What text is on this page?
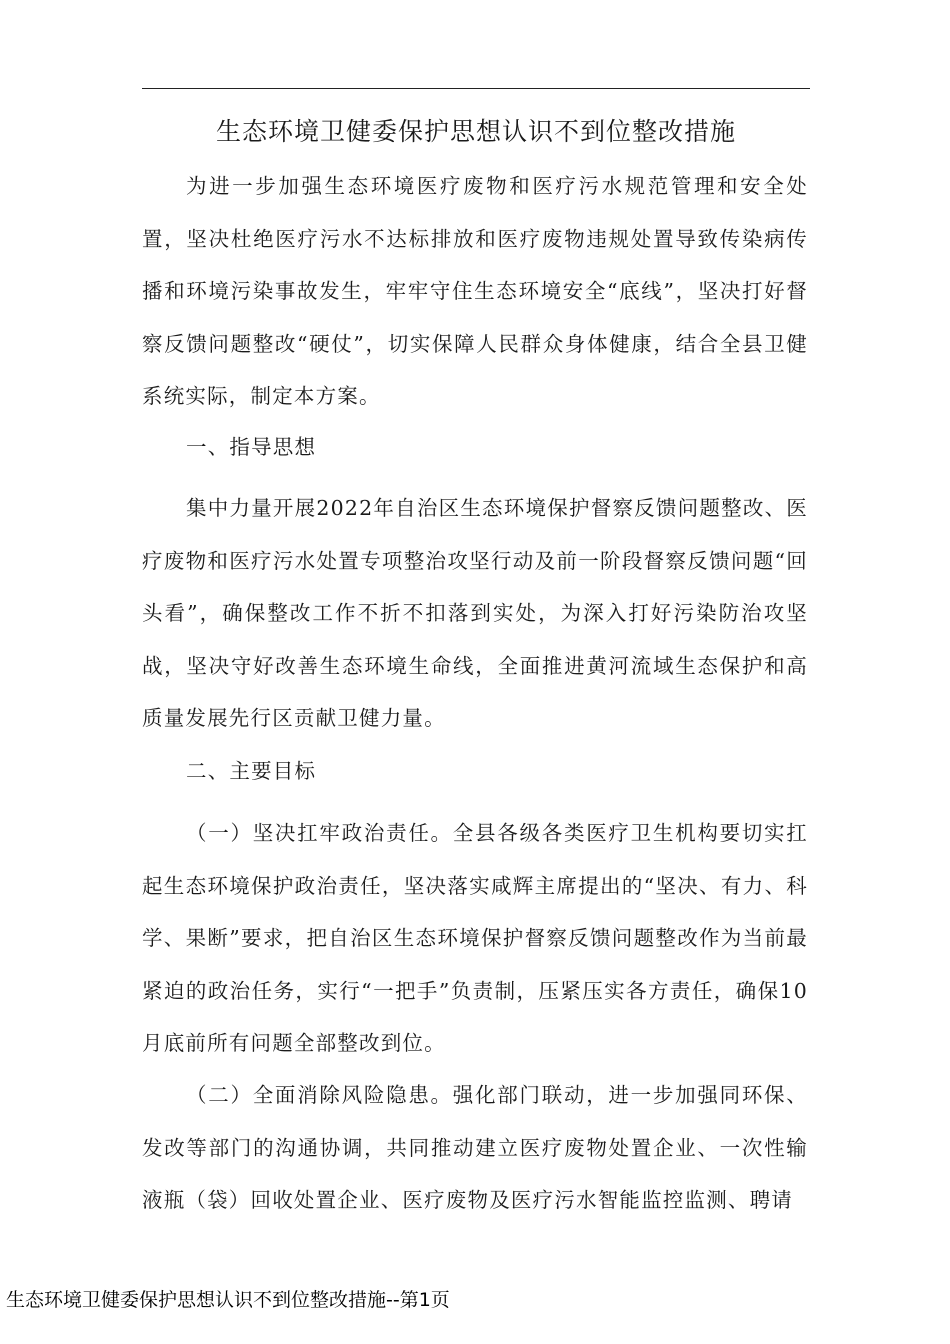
生态环境卫健委保护思想认识不到位整改措施

为进一步加强生态环境医疗废物和医疗污水规范管理和安全处置，坚决杜绝医疗污水不达标排放和医疗废物违规处置导致传染病传播和环境污染事故发生，牢牢守住生态环境安全“底线”，坚决打好督察反馈问题整改“硬仗”，切实保障人民群众身体健康，结合全县卫健系统实际，制定本方案。

一、指导思想

集中力量开展2022年自治区生态环境保护督察反馈问题整改、医疗废物和医疗污水处置专项整治攻坚行动及前一阶段督察反馈问题“回头看”，确保整改工作不折不扣落到实处，为深入打好污染防治攻坚战，坚决守好改善生态环境生命线，全面推进黄河流域生态保护和高质量发展先行区贡献卫健力量。

二、主要目标

（一）坚决扛牢政治责任。全县各级各类医疗卫生机构要切实扛起生态环境保护政治责任，坚决落实咸辉主席提出的“坚决、有力、科学、果断”要求，把自治区生态环境保护督察反馈问题整改作为当前最紧迫的政治任务，实行“一把手”负责制，压紧压实各方责任，确保10月底前所有问题全部整改到位。

（二）全面消除风险隐患。强化部门联动，进一步加强同环保、发改等部门的沟通协调，共同推动建立医疗废物处置企业、一次性输液瓶（袋）回收处置企业、医疗废物及医疗污水智能监控监测、聘请

生态环境卫健委保护思想认识不到位整改措施--第1页
